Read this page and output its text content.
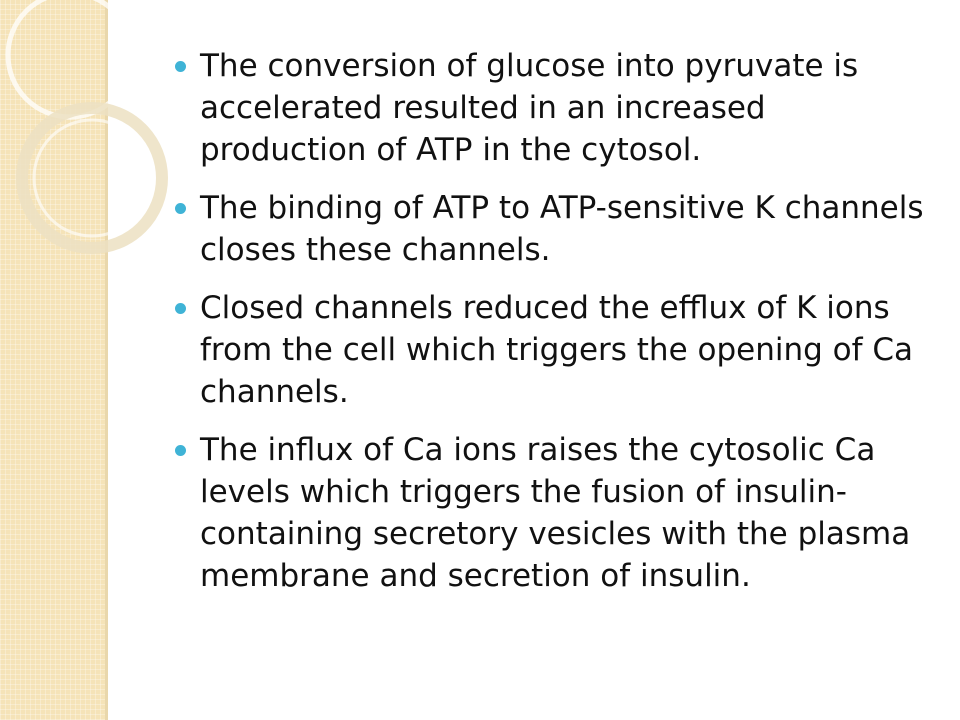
The conversion of glucose into pyruvate is accelerated resulted in an increased production of ATP in the cytosol.
The binding of ATP to ATP-sensitive K channels closes these channels.
Closed channels reduced the efflux of K ions from the cell which triggers the opening of Ca channels.
The influx of Ca ions raises the cytosolic Ca levels which triggers the fusion of insulin-containing secretory vesicles with the plasma membrane and secretion of insulin.
